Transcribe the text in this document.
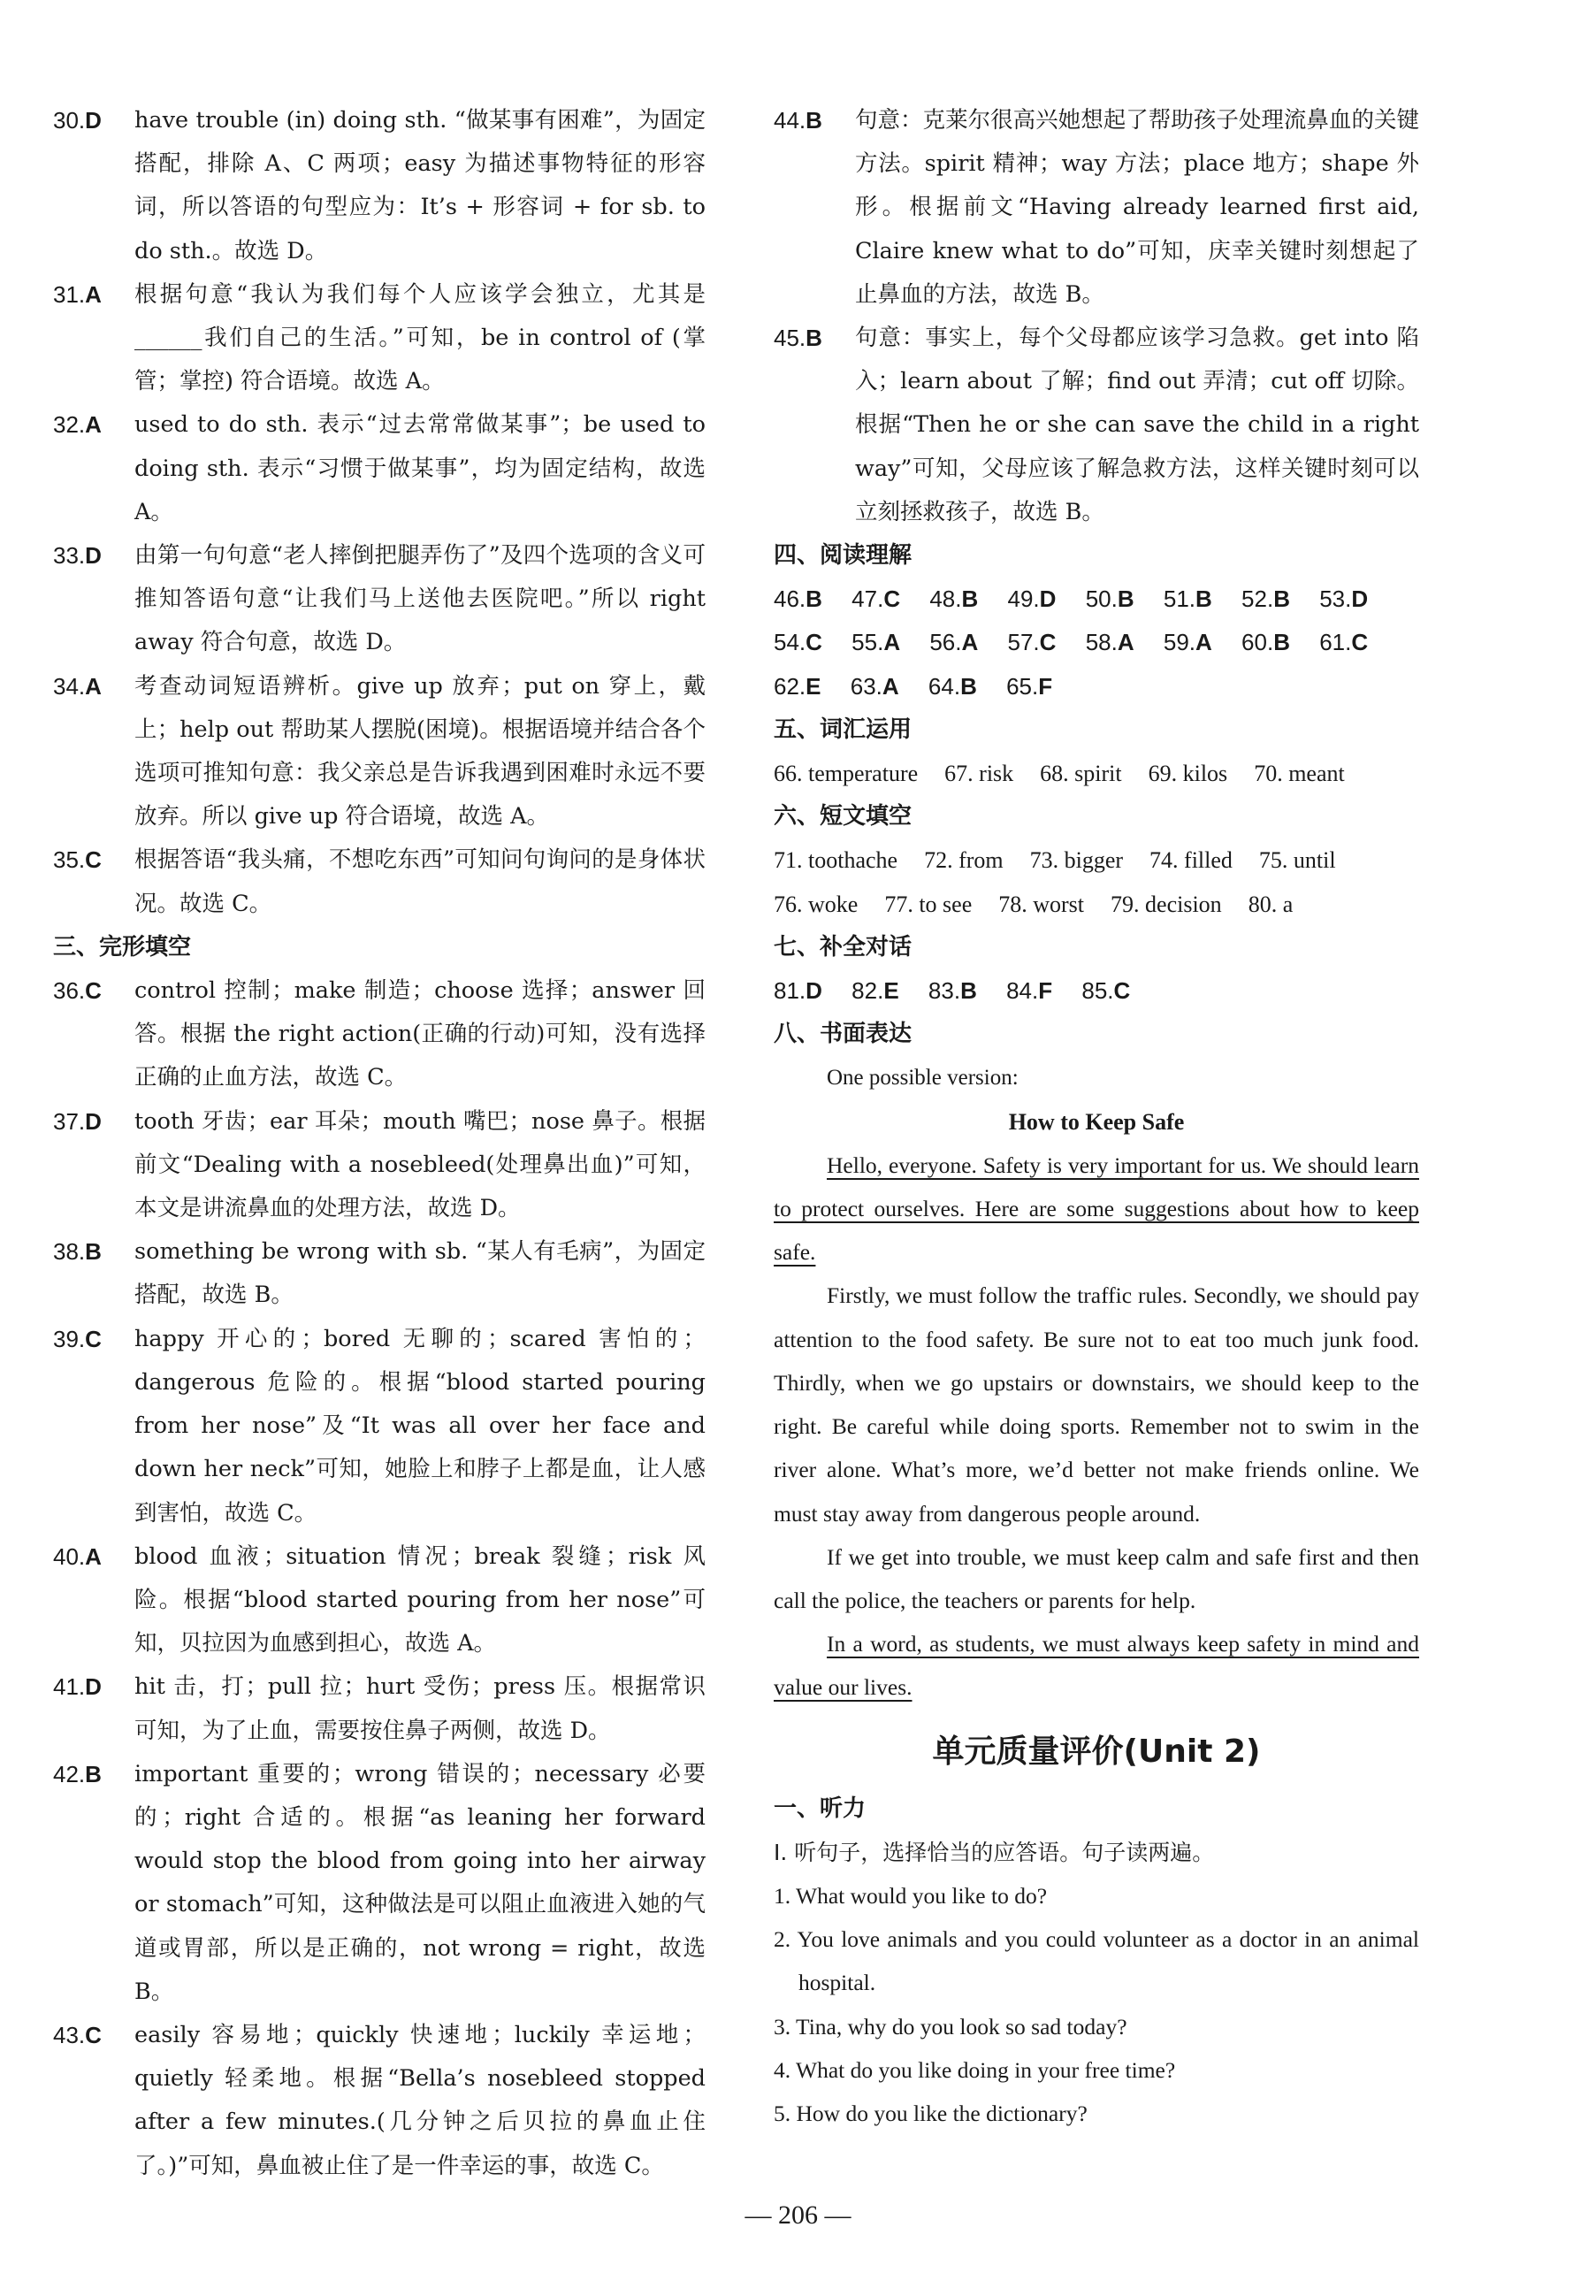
30.D have trouble (in) doing sth. “做某事有困难”，为固定搭配，排除 A、C 两项；easy 为描述事物特征的形容词，所以答语的句型应为：It’s + 形容词 + for sb. to do sth.。故选 D。
31.A 根据句意“我认为我们每个人应该学会独立，尤其是______我们自己的生活。”可知，be in control of (掌管；掌控) 符合语境。故选 A。
32.A used to do sth. 表示“过去常常做某事”；be used to doing sth. 表示“习惯于做某事”，均为固定结构，故选 A。
33.D 由第一句句意“老人摔倒把腿弄伤了”及四个选项的含义可推知答语句意“让我们马上送他去医院吧。”所以 right away 符合句意，故选 D。
34.A 考查动词短语辨析。give up 放弃；put on 穿上，戴上；help out 帮助某人摆脱(困境)。根据语境并结合各个选项可推知句意：我父亲总是告诉我遇到困难时永远不要放弃。所以 give up 符合语境，故选 A。
35.C 根据答语“我头痛，不想吃东西”可知问句询问的是身体状况。故选 C。
三、完形填空
36.C control 控制；make 制造；choose 选择；answer 回答。根据 the right action(正确的行动)可知，没有选择正确的止血方法，故选 C。
37.D tooth 牙齿；ear 耳朵；mouth 嘴巴；nose 鼻子。根据前文“Dealing with a nosebleed(处理鼻出血)”可知，本文是讲流鼻血的处理方法，故选 D。
38.B something be wrong with sb. “某人有毛病”，为固定搭配，故选 B。
39.C happy 开心的；bored 无聊的；scared 害怕的；dangerous 危险的。根据“blood started pouring from her nose”及“It was all over her face and down her neck”可知，她脸上和脖子上都是血，让人感到害怕，故选 C。
40.A blood 血液；situation 情况；break 裂缝；risk 风险。根据“blood started pouring from her nose”可知，贝拉因为血感到担心，故选 A。
41.D hit 击，打；pull 拉；hurt 受伤；press 压。根据常识可知，为了止血，需要按住鼻子两侧，故选 D。
42.B important 重要的；wrong 错误的；necessary 必要的；right 合适的。根据“as leaning her forward would stop the blood from going into her airway or stomach”可知，这种做法是可以阻止血液进入她的气道或胃部，所以是正确的，not wrong = right，故选 B。
43.C easily 容易地；quickly 快速地；luckily 幸运地；quietly 轻柔地。根据“Bella’s nosebleed stopped after a few minutes.(几分钟之后贝拉的鼻血止住了。)”可知，鼻血被止住了是一件幸运的事，故选 C。
44.B 句意：克莱尔很高兴她想起了帮助孩子处理流鼻血的关键方法。spirit 精神；way 方法；place 地方；shape 外形。根据前文“Having already learned first aid, Claire knew what to do”可知，庆幸关键时刻想起了止鼻血的方法，故选 B。
45.B 句意：事实上，每个父母都应该学习急救。get into 陷入；learn about 了解；find out 弄清；cut off 切除。根据“Then he or she can save the child in a right way”可知，父母应该了解急救方法，这样关键时刻可以立刻拯救孩子，故选 B。
四、阅读理解
46.B 47.C 48.B 49.D 50.B 51.B 52.B 53.D
54.C 55.A 56.A 57.C 58.A 59.A 60.B 61.C
62.E 63.A 64.B 65.F
五、词汇运用
66. temperature 67. risk 68. spirit 69. kilos 70. meant
六、短文填空
71. toothache 72. from 73. bigger 74. filled 75. until
76. woke 77. to see 78. worst 79. decision 80. a
七、补全对话
81.D 82.E 83.B 84.F 85.C
八、书面表达
One possible version:
How to Keep Safe
Hello, everyone. Safety is very important for us. We should learn to protect ourselves. Here are some suggestions about how to keep safe.
Firstly, we must follow the traffic rules. Secondly, we should pay attention to the food safety. Be sure not to eat too much junk food. Thirdly, when we go upstairs or downstairs, we should keep to the right. Be careful while doing sports. Remember not to swim in the river alone. What’s more, we’d better not make friends online. We must stay away from dangerous people around.
If we get into trouble, we must keep calm and safe first and then call the police, the teachers or parents for help.
In a word, as students, we must always keep safety in mind and value our lives.
单元质量评价(Unit 2)
一、听力
Ⅰ. 听句子，选择恰当的应答语。句子读两遍。
1. What would you like to do?
2. You love animals and you could volunteer as a doctor in an animal hospital.
3. Tina, why do you look so sad today?
4. What do you like doing in your free time?
5. How do you like the dictionary?
— 206 —
